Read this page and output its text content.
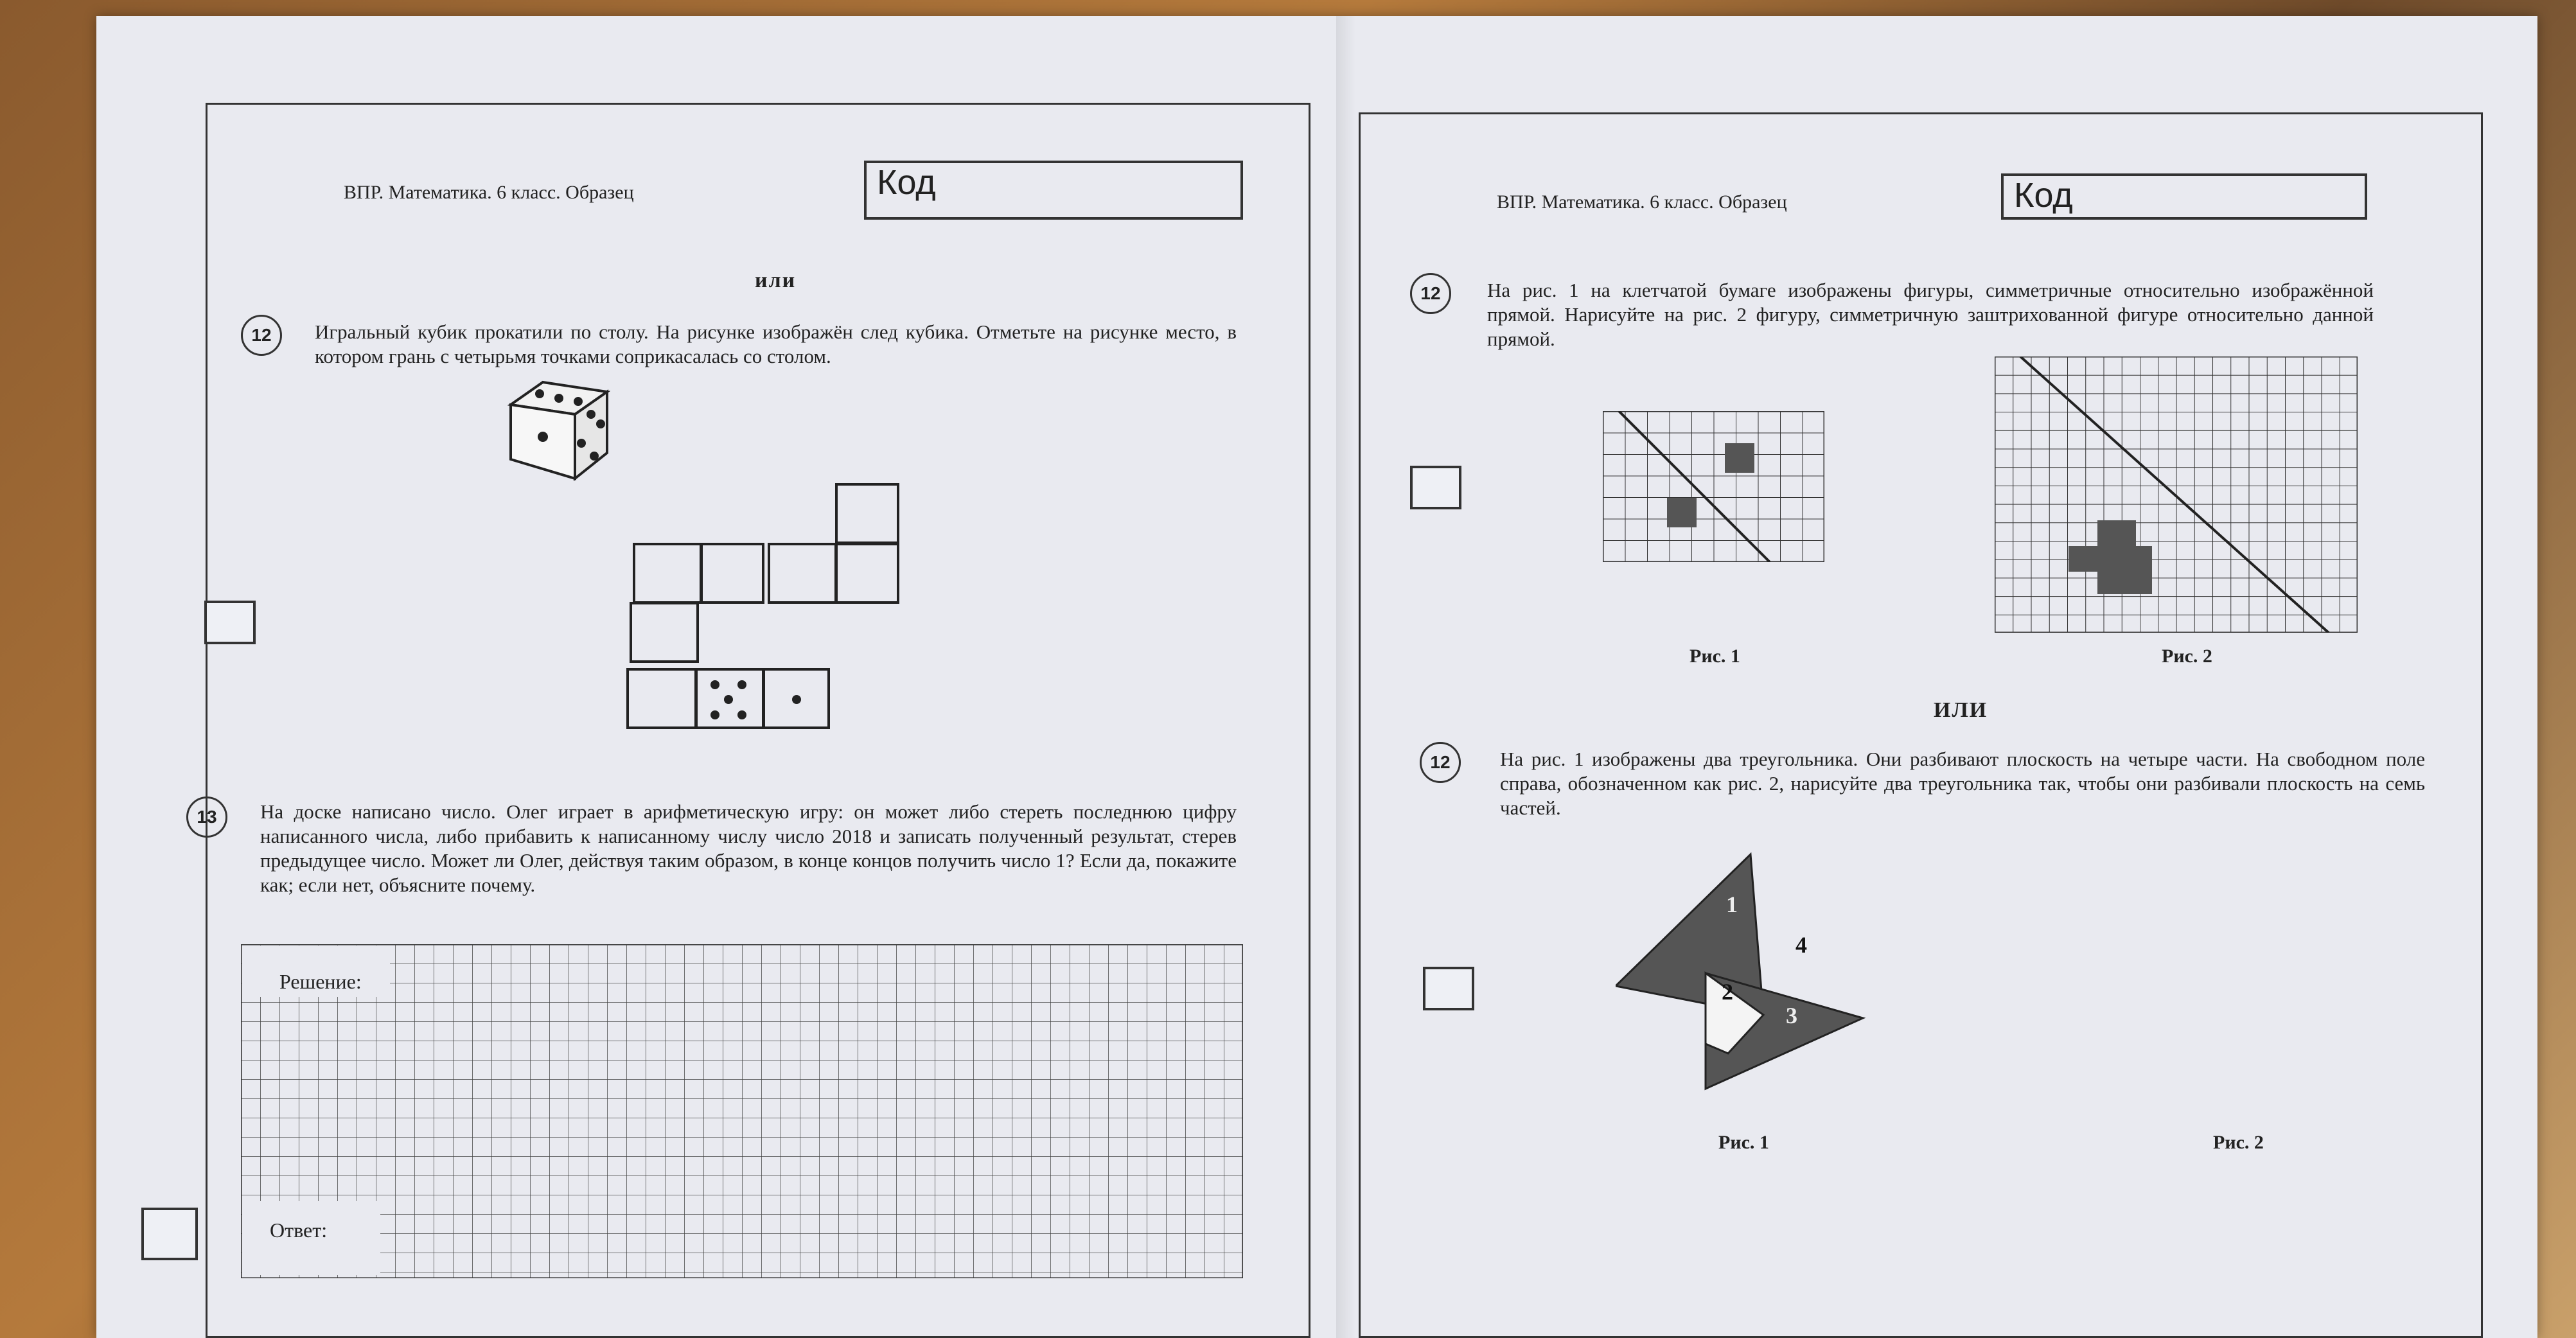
ВПР. Математика. 6 класс. Образец	Код
или
12	Игральный кубик прокатили по столу. На рисунке изображён след кубика. Отметьте на рисунке место, в котором грань с четырьмя точками соприкасалась со столом.
13	На доске написано число. Олег играет в арифметическую игру: он может либо стереть последнюю цифру написанного числа, либо прибавить к написанному числу число 2018 и записать полученный результат, стерев предыдущее число. Может ли Олег, действуя таким образом, в конце концов получить число 1? Если да, покажите как; если нет, объясните почему.
Решение:
Ответ:
ВПР. Математика. 6 класс. Образец	Код
12	На рис. 1 на клетчатой бумаге изображены фигуры, симметричные относительно изображённой прямой. Нарисуйте на рис. 2 фигуру, симметричную заштрихованной фигуре относительно данной прямой.
Рис. 1	Рис. 2
ИЛИ
12	На рис. 1 изображены два треугольника. Они разбивают плоскость на четыре части. На свободном поле справа, обозначенном как рис. 2, нарисуйте два треугольника так, чтобы они разбивали плоскость на семь частей.
1
2
3
4
Рис. 1	Рис. 2
